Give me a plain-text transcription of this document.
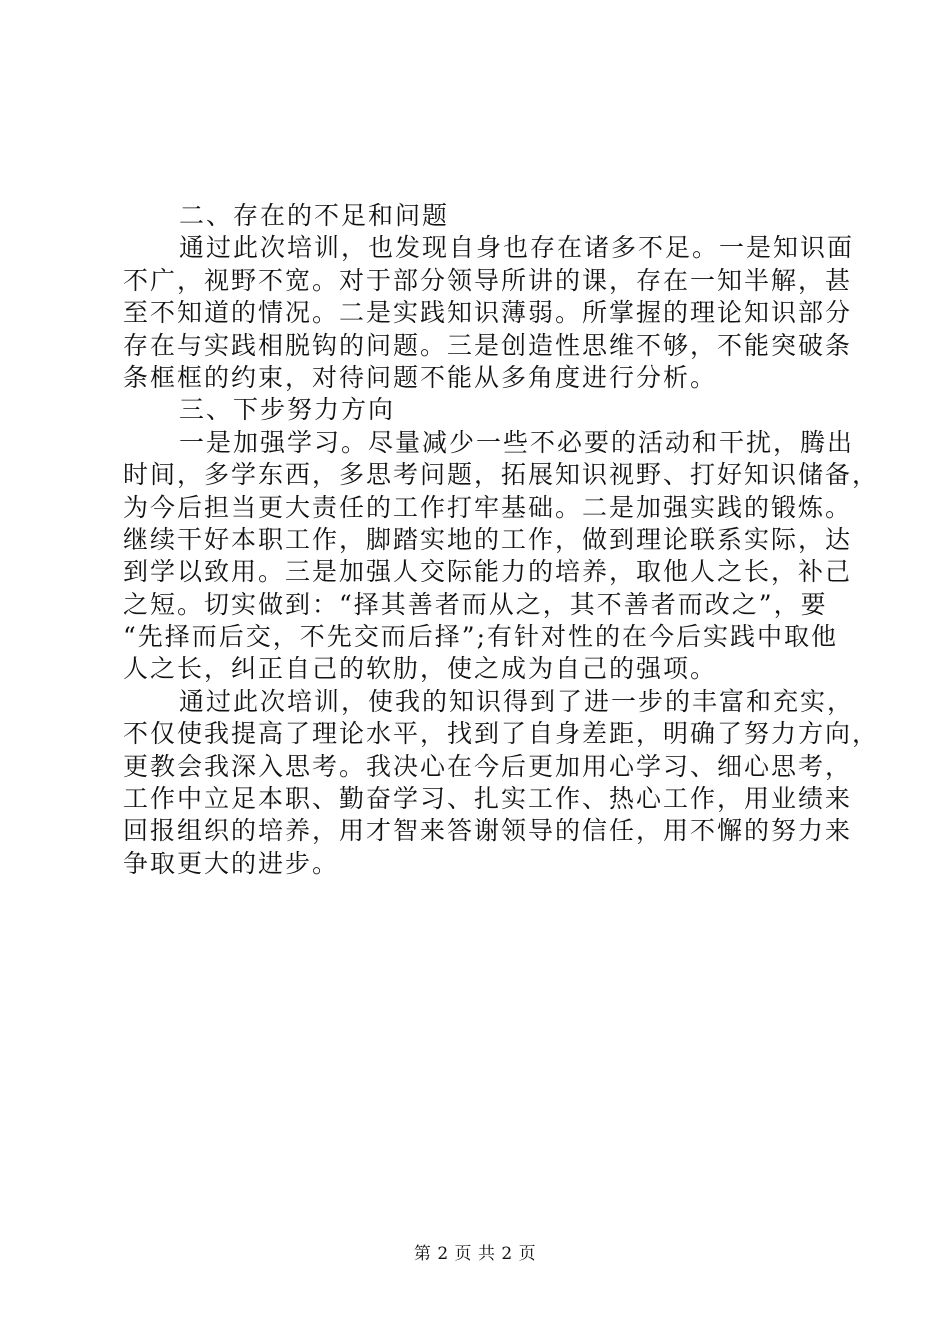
二、存在的不足和问题
通过此次培训，也发现自身也存在诸多不足。一是知识面
不广，视野不宽。对于部分领导所讲的课，存在一知半解，甚
至不知道的情况。二是实践知识薄弱。所掌握的理论知识部分
存在与实践相脱钩的问题。三是创造性思维不够，不能突破条
条框框的约束，对待问题不能从多角度进行分析。
三、下步努力方向
一是加强学习。尽量减少一些不必要的活动和干扰，腾出
时间，多学东西，多思考问题，拓展知识视野、打好知识储备，
为今后担当更大责任的工作打牢基础。二是加强实践的锻炼。
继续干好本职工作，脚踏实地的工作，做到理论联系实际，达
到学以致用。三是加强人交际能力的培养，取他人之长，补己
之短。切实做到：“择其善者而从之，其不善者而改之”，要
“先择而后交，不先交而后择”;有针对性的在今后实践中取他
人之长，纠正自己的软肋，使之成为自己的强项。
通过此次培训，使我的知识得到了进一步的丰富和充实，
不仅使我提高了理论水平，找到了自身差距，明确了努力方向，
更教会我深入思考。我决心在今后更加用心学习、细心思考，
工作中立足本职、勤奋学习、扎实工作、热心工作，用业绩来
回报组织的培养，用才智来答谢领导的信任，用不懈的努力来
争取更大的进步。
第 2 页 共 2 页
